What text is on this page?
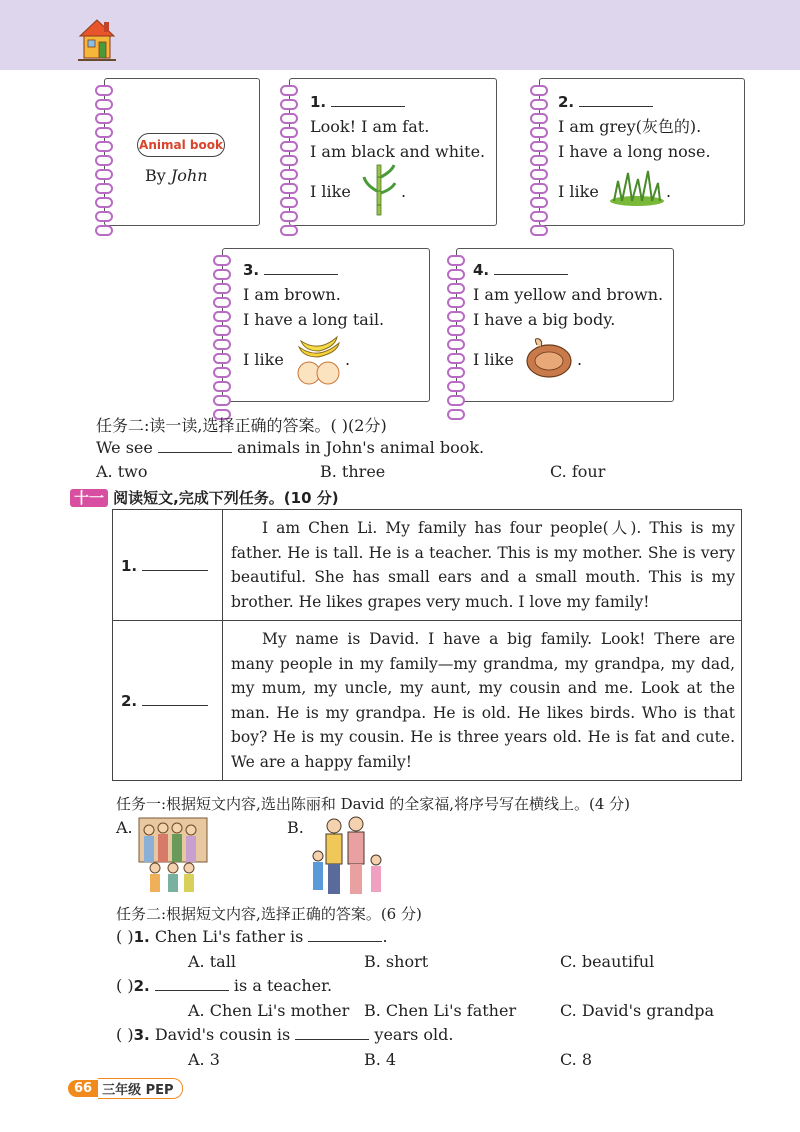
Animal book
By John
1.
Look! I am fat.
I am black and white.
I like	.
2.
I am grey(灰色的).
I have a long nose.
I like	.
3.
I am brown.
I have a long tail.
I like	.
4.
I am yellow and brown.
I have a big body.
I like	.
任务二:读一读,选择正确的答案。( )(2分)
We see	animals in John's animal book.
A. two	B. three	C. four
十一 阅读短文,完成下列任务。(10 分)
1.	I am Chen Li. My family has four people(人). This is my father. He is tall. He is a teacher. This is my mother. She is very beautiful. She has small ears and a small mouth. This is my brother. He likes grapes very much. I love my family!
2.	My name is David. I have a big family. Look! There are many people in my family—my grandma, my grandpa, my dad, my mum, my uncle, my aunt, my cousin and me. Look at the man. He is my grandpa. He is old. He likes birds. Who is that boy? He is my cousin. He is three years old. He is fat and cute. We are a happy family!
任务一:根据短文内容,选出陈丽和 David 的全家福,将序号写在横线上。(4 分)
A.	B.
任务二:根据短文内容,选择正确的答案。(6 分)
( )1. Chen Li's father is	.
A. tall	B. short	C. beautiful
( )2.	is a teacher.
A. Chen Li's mother B. Chen Li's father	C. David's grandpa
( )3. David's cousin is	years old.
A. 3	B. 4	C. 8
66 三年级 PEP
